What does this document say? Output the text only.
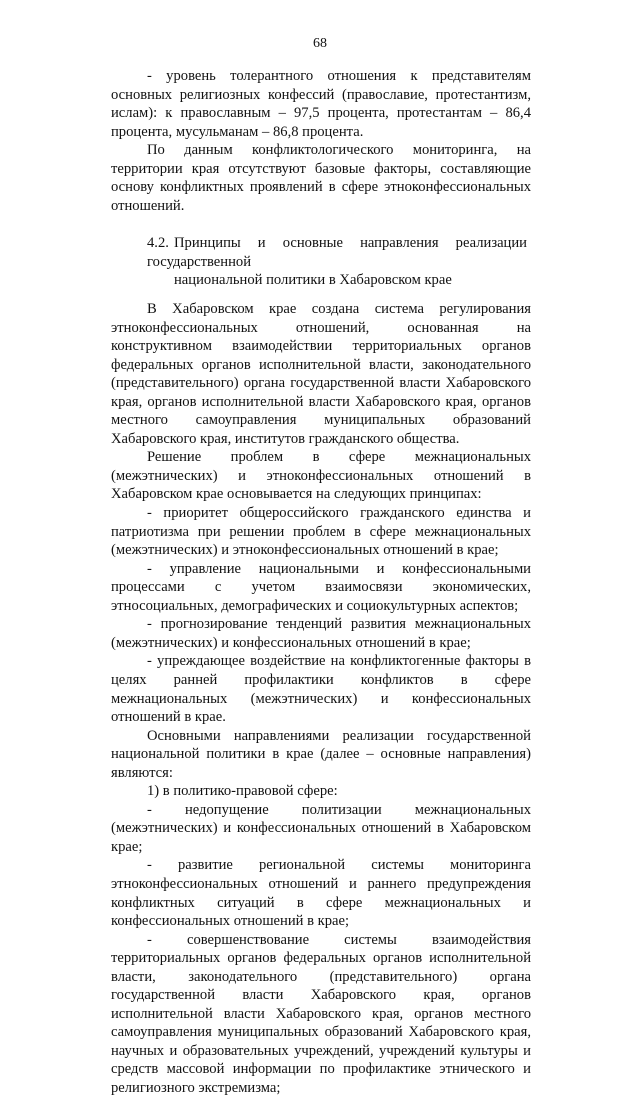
68

- уровень толерантного отношения к представителям основных религиозных конфессий (православие, протестантизм, ислам): к православным – 97,5 процента, протестантам – 86,4 процента, мусульманам – 86,8 процента.

По данным конфликтологического мониторинга, на территории края отсутствуют базовые факторы, составляющие основу конфликтных проявлений в сфере этноконфессиональных отношений.

4.2. Принципы и основные направления реализации государственной
национальной политики в Хабаровском крае

В Хабаровском крае создана система регулирования этноконфессиональных отношений, основанная на конструктивном взаимодействии территориальных органов федеральных органов исполнительной власти, законодательного (представительного) органа государственной власти Хабаровского края, органов исполнительной власти Хабаровского края, органов местного самоуправления муниципальных образований Хабаровского края, институтов гражданского общества.

Решение проблем в сфере межнациональных (межэтнических) и этноконфессиональных отношений в Хабаровском крае основывается на следующих принципах:

- приоритет общероссийского гражданского единства и патриотизма при решении проблем в сфере межнациональных (межэтнических) и этноконфессиональных отношений в крае;

- управление национальными и конфессиональными процессами с учетом взаимосвязи экономических, этносоциальных, демографических и социокультурных аспектов;

- прогнозирование тенденций развития межнациональных (межэтнических) и конфессиональных отношений в крае;

- упреждающее воздействие на конфликтогенные факторы в целях ранней профилактики конфликтов в сфере межнациональных (межэтнических) и конфессиональных отношений в крае.

Основными направлениями реализации государственной национальной политики в крае (далее – основные направления) являются:

1) в политико-правовой сфере:

- недопущение политизации межнациональных (межэтнических) и конфессиональных отношений в Хабаровском крае;

- развитие региональной системы мониторинга этноконфессиональных отношений и раннего предупреждения конфликтных ситуаций в сфере межнациональных и конфессиональных отношений в крае;

- совершенствование системы взаимодействия территориальных органов федеральных органов исполнительной власти, законодательного (представительного) органа государственной власти Хабаровского края, органов исполнительной власти Хабаровского края, органов местного самоуправления муниципальных образований Хабаровского края, научных и образовательных учреждений, учреждений культуры и средств массовой информации по профилактике этнического и религиозного экстремизма;
